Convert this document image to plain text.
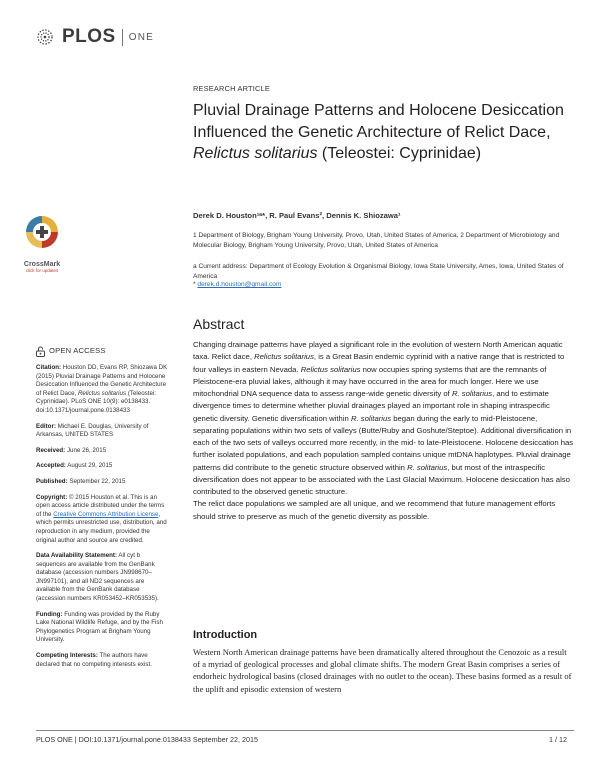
PLOS ONE
CrossMark
click for updates
OPEN ACCESS

Citation: Houston DD, Evans RP, Shiozawa DK (2015) Pluvial Drainage Patterns and Holocene Desiccation Influenced the Genetic Architecture of Relict Dace, Relictus solitarius (Teleostei: Cyprinidae). PLoS ONE 10(9): e0138433. doi:10.1371/journal.pone.0138433

Editor: Michael E. Douglas, University of Arkansas, UNITED STATES

Received: June 26, 2015

Accepted: August 29, 2015

Published: September 22, 2015

Copyright: © 2015 Houston et al. This is an open access article distributed under the terms of the Creative Commons Attribution License, which permits unrestricted use, distribution, and reproduction in any medium, provided the original author and source are credited.

Data Availability Statement: All cyt b sequences are available from the GenBank database (accession numbers JN998670–JN997101), and all ND2 sequences are available from the GenBank database (accession numbers KR053452–KR053535).

Funding: Funding was provided by the Ruby Lake National Wildlife Refuge, and by the Fish Phylogenetics Program at Brigham Young University.

Competing Interests: The authors have declared that no competing interests exist.

RESEARCH ARTICLE
Pluvial Drainage Patterns and Holocene Desiccation Influenced the Genetic Architecture of Relict Dace, Relictus solitarius (Teleostei: Cyprinidae)
Derek D. Houston¹ᵃ*, R. Paul Evans², Dennis K. Shiozawa¹
1 Department of Biology, Brigham Young University, Provo, Utah, United States of America, 2 Department of Microbiology and Molecular Biology, Brigham Young University, Provo, Utah, United States of America
a Current address: Department of Ecology Evolution & Organismal Biology, Iowa State University, Ames, Iowa, United States of America
* derek.d.houston@gmail.com
Abstract

Changing drainage patterns have played a significant role in the evolution of western North American aquatic taxa. Relict dace, Relictus solitarius, is a Great Basin endemic cyprinid with a native range that is restricted to four valleys in eastern Nevada. Relictus solitarius now occupies spring systems that are the remnants of Pleistocene-era pluvial lakes, although it may have occurred in the area for much longer. Here we use mitochondrial DNA sequence data to assess range-wide genetic diversity of R. solitarius, and to estimate divergence times to determine whether pluvial drainages played an important role in shaping intraspecific genetic diversity. Genetic diversification within R. solitarius began during the early to mid-Pleistocene, separating populations within two sets of valleys (Butte/Ruby and Goshute/Steptoe). Additional diversification in each of the two sets of valleys occurred more recently, in the mid- to late-Pleistocene. Holocene desiccation has further isolated populations, and each population sampled contains unique mtDNA haplotypes. Pluvial drainage patterns did contribute to the genetic structure observed within R. solitarius, but most of the intraspecific diversification does not appear to be associated with the Last Glacial Maximum. Holocene desiccation has also contributed to the observed genetic structure.

The relict dace populations we sampled are all unique, and we recommend that future management efforts should strive to preserve as much of the genetic diversity as possible.

Introduction
Western North American drainage patterns have been dramatically altered throughout the Cenozoic as a result of a myriad of geological processes and global climate shifts. The modern Great Basin comprises a series of endorheic hydrological basins (closed drainages with no outlet to the ocean). These basins formed as a result of the uplift and episodic extension of western
PLOS ONE | DOI:10.1371/journal.pone.0138433 September 22, 2015	1 / 12
